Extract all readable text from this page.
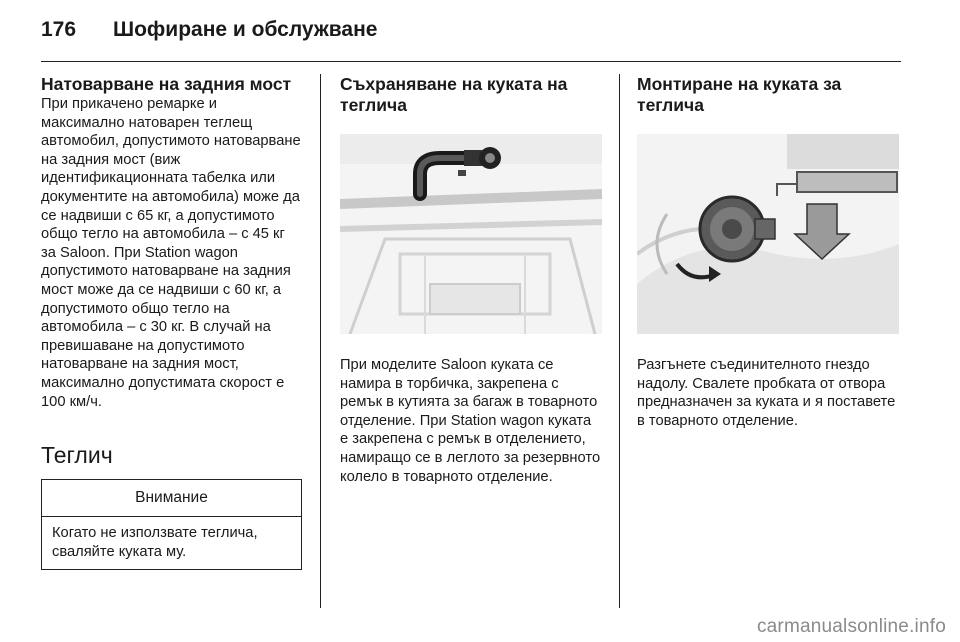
176 Шофиране и обслужване
Натоварване на задния мост

При прикачено ремарке и максимално натоварен теглещ автомобил, допустимото натоварване на задния мост (виж идентификационната табелка или документите на автомобила) може да се надвиши с 65 кг, а допустимото общо тегло на автомобила – с 45 кг за Saloon. При Station wagon допустимото натоварване на задния мост може да се надвиши с 60 кг, а допустимото общо тегло на автомобила – с 30 кг. В случай на превишаване на допустимото натоварване на задния мост, максимално допустимата скорост е 100 км/ч.

Теглич
Внимание
Когато не използвате теглича, сваляйте куката му.
Съхраняване на куката на теглича

При моделите Saloon куката се намира в торбичка, закрепена с ремък в кутията за багаж в товарното отделение. При Station wagon куката е закрепена с ремък в отделението, намиращо се в леглото за резервното колело в товарното отделение.

Монтиране на куката за теглича

Разгънете съединителното гнездо надолу. Свалете пробката от отвора предназначен за куката и я поставете в товарното отделение.

carmanualsonline.info
